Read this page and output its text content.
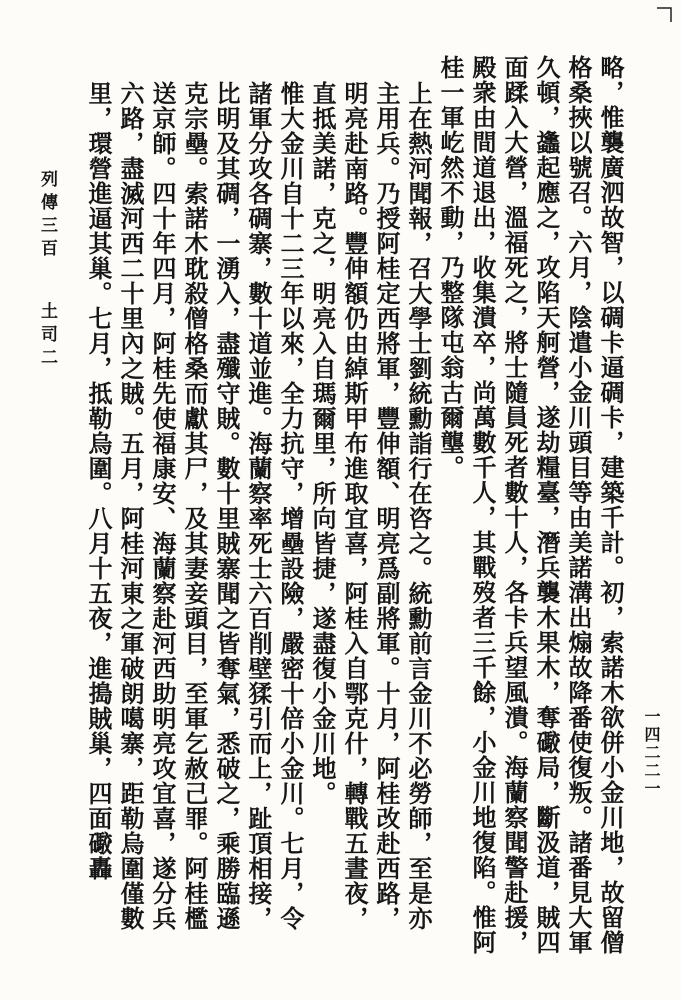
略，惟襲廣泗故智，以碉卡逼碉卡，建築千計。初，索諾木欲併小金川地，故留僧格桑挾以號召。六月，陰遣小金川頭目等由美諾溝出煽故降番使復叛。諸番見大軍久頓，蠭起應之，攻陷天舸營，遂劫糧臺，潛兵襲木果木，奪礮局，斷汲道，賊四面蹂入大營，溫福死之，將士隨員死者數十人，各卡兵望風潰。海蘭察聞警赴援，殿衆由間道退出，收集潰卒，尚萬數千人，其戰歿者三千餘，小金川地復陷。惟阿桂一軍屹然不動，乃整隊屯翁古爾壟。

上在熱河聞報，召大學士劉統勳詣行在咨之。統勳前言金川不必勞師，至是亦主用兵。乃授阿桂定西將軍，豐伸額、明亮爲副將軍。十月，阿桂改赴西路，明亮赴南路。豐伸額仍由綽斯甲布進取宜喜，阿桂入自鄂克什，轉戰五晝夜，直抵美諾，克之，明亮入自瑪爾里，所向皆捷，遂盡復小金川地。

惟大金川自十二三年以來，全力抗守，增壘設險，嚴密十倍小金川。七月，令諸軍分攻各碉寨，數十道並進。海蘭察率死士六百削壁猱引而上，趾頂相接，比明及其碉，一湧入，盡殲守賊。數十里賊寨聞之皆奪氣，悉破之，乘勝臨遜克宗壘。索諾木耽殺僧格桑而獻其尸，及其妻妾頭目，至軍乞赦己罪。阿桂檻送京師。四十年四月，阿桂先使福康安、海蘭察赴河西助明亮攻宜喜，遂分兵六路，盡滅河西二十里內之賊。五月，阿桂河東之軍破朗噶寨，距勒烏圍僅數里，環營進逼其巢。七月，抵勒烏圍。八月十五夜，進搗賊巢，四面礮轟

列傳三百土司二
一四二二一
